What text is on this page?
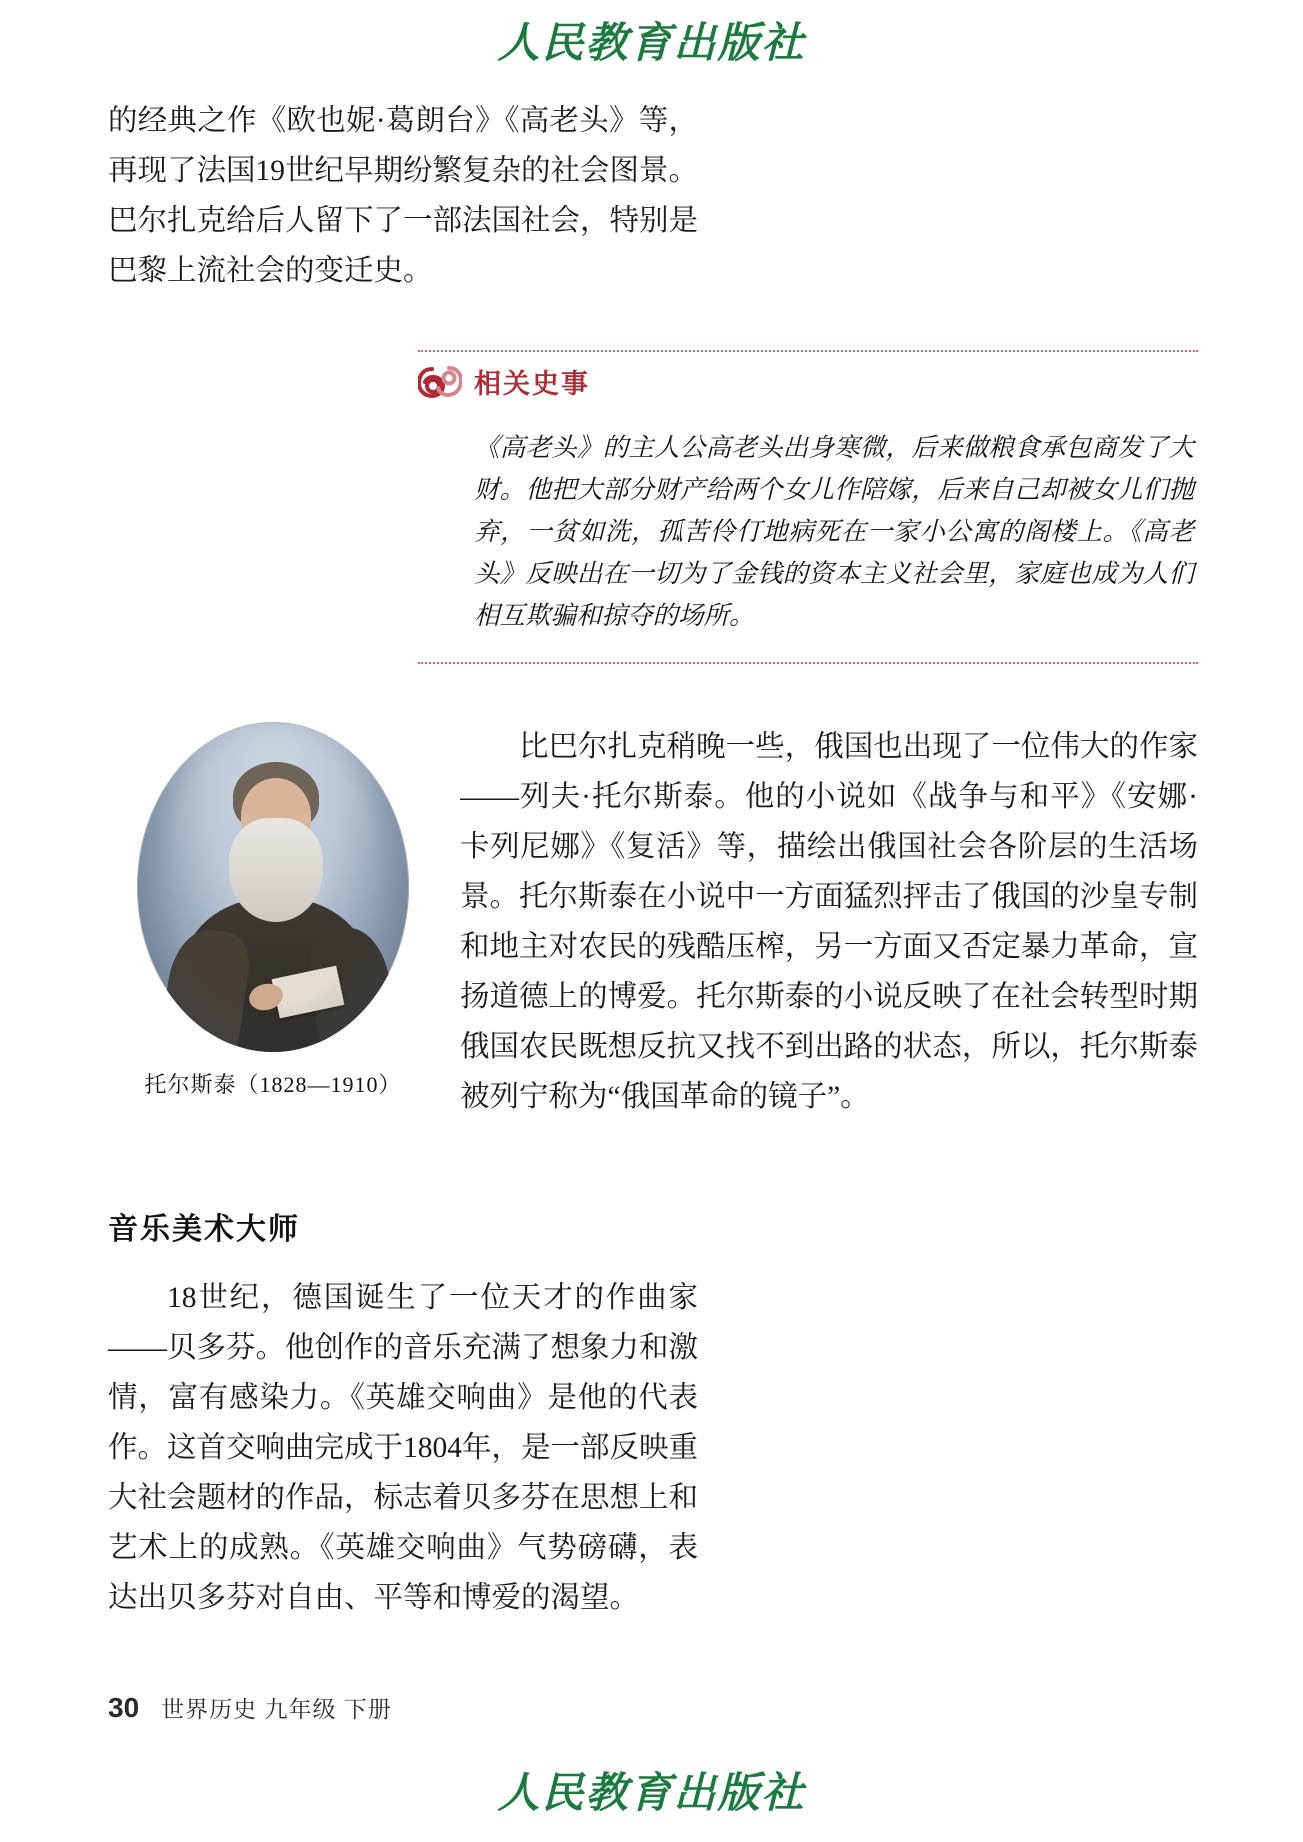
人民教育出版社

的经典之作《欧也妮·葛朗台》《高老头》等，再现了法国19世纪早期纷繁复杂的社会图景。巴尔扎克给后人留下了一部法国社会，特别是巴黎上流社会的变迁史。

相关史事

《高老头》的主人公高老头出身寒微，后来做粮食承包商发了大财。他把大部分财产给两个女儿作陪嫁，后来自己却被女儿们抛弃，一贫如洗，孤苦伶仃地病死在一家小公寓的阁楼上。《高老头》反映出在一切为了金钱的资本主义社会里，家庭也成为人们相互欺骗和掠夺的场所。

托尔斯泰（1828—1910）

比巴尔扎克稍晚一些，俄国也出现了一位伟大的作家——列夫·托尔斯泰。他的小说如《战争与和平》《安娜·卡列尼娜》《复活》等，描绘出俄国社会各阶层的生活场景。托尔斯泰在小说中一方面猛烈抨击了俄国的沙皇专制和地主对农民的残酷压榨，另一方面又否定暴力革命，宣扬道德上的博爱。托尔斯泰的小说反映了在社会转型时期俄国农民既想反抗又找不到出路的状态，所以，托尔斯泰被列宁称为“俄国革命的镜子”。

音乐美术大师

18世纪，德国诞生了一位天才的作曲家——贝多芬。他创作的音乐充满了想象力和激情，富有感染力。《英雄交响曲》是他的代表作。这首交响曲完成于1804年，是一部反映重大社会题材的作品，标志着贝多芬在思想上和艺术上的成熟。《英雄交响曲》气势磅礴，表达出贝多芬对自由、平等和博爱的渴望。

30 世界历史 九年级 下册
人民教育出版社
